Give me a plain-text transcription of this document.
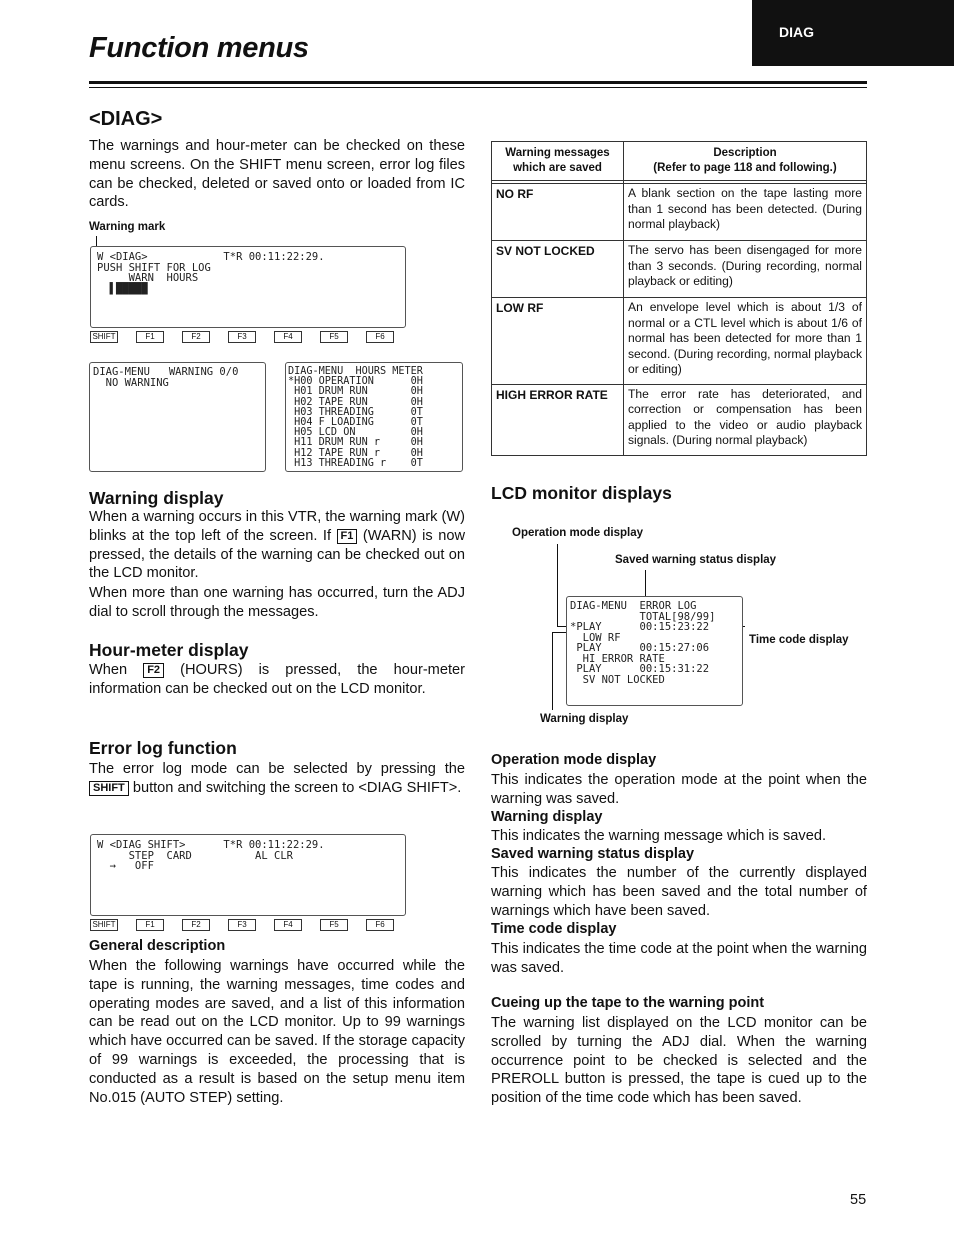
DIAG
Function menus
<DIAG>
The warnings and hour-meter can be checked on these menu screens. On the SHIFT menu screen, error log files can be checked, deleted or saved onto or loaded from IC cards.
Warning mark
W <DIAG>            T*R 00:11:22:29.
PUSH SHIFT FOR LOG
WARN  HOURS
▌█████
SHIFT	F1	F2	F3	F4	F5	F6
DIAG-MENU   WARNING 0/0
NO WARNING
DIAG-MENU  HOURS METER
*H00 OPERATION      0H
H01 DRUM RUN       0H
H02 TAPE RUN       0H
H03 THREADING      0T
H04 F LOADING      0T
H05 LCD ON         0H
H11 DRUM RUN r     0H
H12 TAPE RUN r     0H
H13 THREADING r    0T
Warning display
When a warning occurs in this VTR, the warning mark (W) blinks at the top left of the screen. If F1 (WARN) is now pressed, the details of the warning can be checked out on the LCD monitor.
When more than one warning has occurred, turn the ADJ dial to scroll through the messages.
Hour-meter display
When F2 (HOURS) is pressed, the hour-meter information can be checked out on the LCD monitor.
Error log function
The error log mode can be selected by pressing the SHIFT button and switching the screen to <DIAG SHIFT>.
W <DIAG SHIFT>      T*R 00:11:22:29.
STEP  CARD          AL CLR
→   OFF
SHIFT	F1	F2	F3	F4	F5	F6
General description
When the following warnings have occurred while the tape is running, the warning messages, time codes and operating modes are saved, and a list of this information can be read out on the LCD monitor. Up to 99 warnings which have occurred can be saved. If the storage capacity of 99 warnings is exceeded, the processing that is conducted as a result is based on the setup menu item No.015 (AUTO STEP) setting.
Warning messages which are saved	Description
(Refer to page 118 and following.)

NO RF	A blank section on the tape lasting more than 1 second has been detected. (During normal playback)
SV NOT LOCKED	The servo has been disengaged for more than 3 seconds. (During recording, normal playback or editing)
LOW RF	An envelope level which is about 1/3 of normal or a CTL level which is about 1/6 of normal has been detected for more than 1 second. (During recording, normal playback or editing)
HIGH ERROR RATE	The error rate has deteriorated, and correction or compensation has been applied to the video or audio playback signals. (During normal playback)
LCD monitor displays
Operation mode display
Saved warning status display
Time code display
Warning display
DIAG-MENU  ERROR LOG
TOTAL[98/99]
*PLAY      00:15:23:22
LOW RF
PLAY      00:15:27:06
HI ERROR RATE
PLAY      00:15:31:22
SV NOT LOCKED
Operation mode display
This indicates the operation mode at the point when the warning was saved.
Warning display
This indicates the warning message which is saved.
Saved warning status display
This indicates the number of the currently displayed warning which has been saved and the total number of warnings which have been saved.
Time code display
This indicates the time code at the point when the warning was saved.
Cueing up the tape to the warning point
The warning list displayed on the LCD monitor can be scrolled by turning the ADJ dial. When the warning occurrence point to be checked is selected and the PREROLL button is pressed, the tape is cued up to the position of the time code which has been saved.
55
